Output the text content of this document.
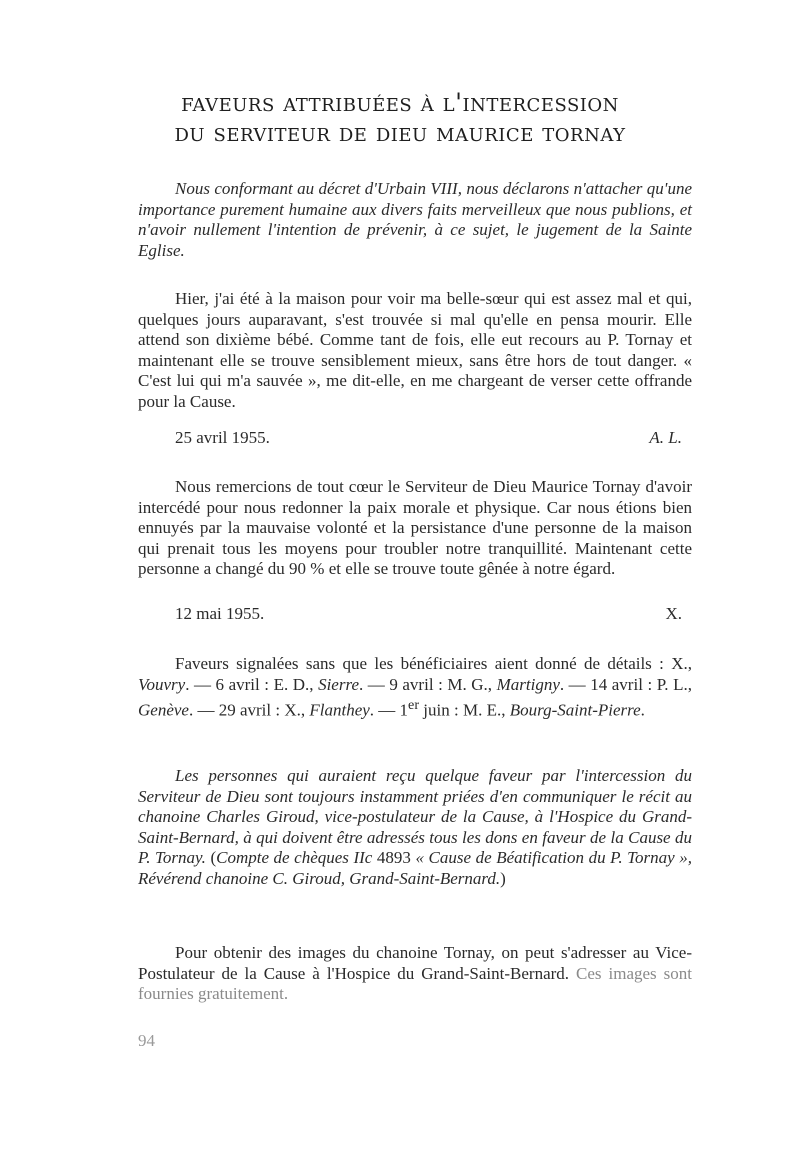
faveurs attribuées à l'intercession
du serviteur de dieu maurice tornay

Nous conformant au décret d'Urbain VIII, nous déclarons n'attacher qu'une importance purement humaine aux divers faits merveilleux que nous publions, et n'avoir nullement l'intention de prévenir, à ce sujet, le jugement de la Sainte Eglise.

Hier, j'ai été à la maison pour voir ma belle-sœur qui est assez mal et qui, quelques jours auparavant, s'est trouvée si mal qu'elle en pensa mourir. Elle attend son dixième bébé. Comme tant de fois, elle eut recours au P. Tornay et maintenant elle se trouve sensiblement mieux, sans être hors de tout danger. « C'est lui qui m'a sauvée », me dit-elle, en me chargeant de verser cette offrande pour la Cause.

25 avril 1955.	A. L.

Nous remercions de tout cœur le Serviteur de Dieu Maurice Tornay d'avoir intercédé pour nous redonner la paix morale et physique. Car nous étions bien ennuyés par la mauvaise volonté et la persistance d'une personne de la maison qui prenait tous les moyens pour troubler notre tranquillité. Maintenant cette personne a changé du 90 % et elle se trouve toute gênée à notre égard.

12 mai 1955.	X.

Faveurs signalées sans que les bénéficiaires aient donné de détails : X., Vouvry. — 6 avril : E. D., Sierre. — 9 avril : M. G., Martigny. — 14 avril : P. L., Genève. — 29 avril : X., Flanthey. — 1er juin : M. E., Bourg-Saint-Pierre.

Les personnes qui auraient reçu quelque faveur par l'intercession du Serviteur de Dieu sont toujours instamment priées d'en communiquer le récit au chanoine Charles Giroud, vice-postulateur de la Cause, à l'Hospice du Grand-Saint-Bernard, à qui doivent être adressés tous les dons en faveur de la Cause du P. Tornay. (Compte de chèques IIc 4893 « Cause de Béatification du P. Tornay », Révérend chanoine C. Giroud, Grand-Saint-Bernard.)

Pour obtenir des images du chanoine Tornay, on peut s'adresser au Vice-Postulateur de la Cause à l'Hospice du Grand-Saint-Bernard. Ces images sont fournies gratuitement.

94
